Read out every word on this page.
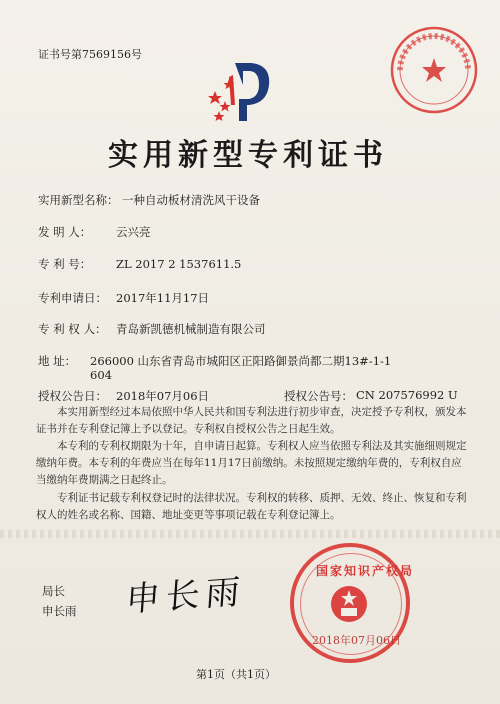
证书号第7569156号
实用新型专利证书
实用新型名称： 一种自动板材清洗风干设备
发 明 人： 云兴亮
专 利 号： ZL 2017 2 1537611.5
专利申请日： 2017年11月17日
专 利 权 人： 青岛新凯德机械制造有限公司
地 址： 266000 山东省青岛市城阳区正阳路御景尚都二期13#-1-1
604
授权公告日： 2018年07月06日	授权公告号： CN 207576992 U
本实用新型经过本局依照中华人民共和国专利法进行初步审查，决定授予专利权，颁发本证书并在专利登记簿上予以登记。专利权自授权公告之日起生效。
本专利的专利权期限为十年，自申请日起算。专利权人应当依照专利法及其实施细则规定缴纳年费。本专利的年费应当在每年11月17日前缴纳。未按照规定缴纳年费的，专利权自应当缴纳年费期满之日起终止。
专利证书记载专利权登记时的法律状况。专利权的转移、质押、无效、终止、恢复和专利权人的姓名或名称、国籍、地址变更等事项记载在专利登记簿上。
局长
申长雨 申长雨
国家知识产权局
2018年07月06日
第1页（共1页）
